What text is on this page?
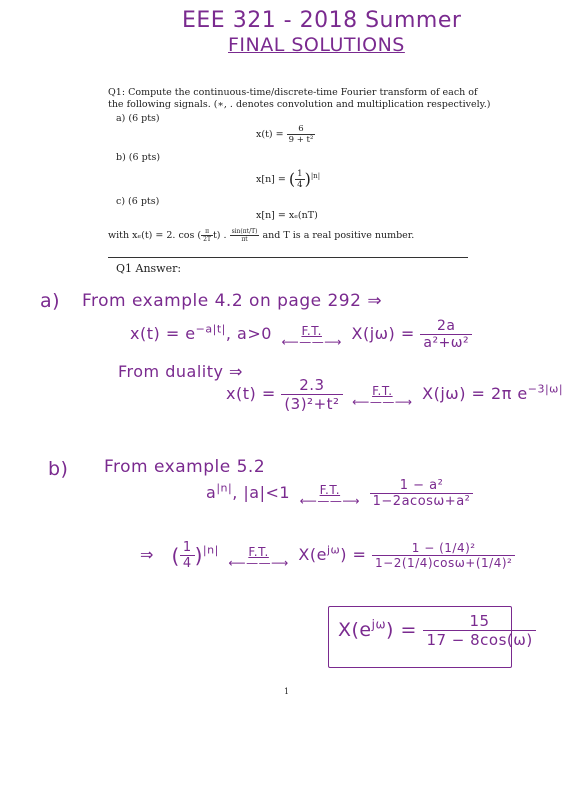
EEE 321 - 2018 Summer
FINAL SOLUTIONS
Q1: Compute the continuous-time/discrete-time Fourier transform of each of
the following signals. (∗, . denotes convolution and multiplication respectively.)
a) (6 pts)
$x(t) = \frac{6}{\text{9 + t²}}$
b) (6 pts)
x[n] = ( $\frac{1}{4} )^{|n|}$
c) (6 pts)
x[n] = xₑ(nT)
with xₑ(t) = 2. cos ( $\frac{\pi}{2T} t$) . $\frac{\sin(\pi t/T)}{\pi t}$ and T is a real positive number.
Q1 Answer:
a) From example 4.2 on page 292 ⇒
$x(t) = e^{-a|t|}$, a>0	F.T.
⟵——⟶ $X(j\omega) = \frac{2a}{\text{a²+ω²}}$
From duality ⇒
$x(t) = \frac{2.3}{\text{(3)²+t²}}$
	F.T.
⟵——⟶ X(jω) = 2π $e^{-3|\omega|}$
b) From example 5.2
$a^{|n|}$, |a|<1	F.T.
⟵——⟶
$\frac{\text{1 − a²}}{\text{1−2acosω+a²}}$
⇒ ( $\frac{1}{4} )^{|n|}$	F.T.
⟵——⟶ $X(e^{j\omega}) = \frac{\text{1 − (1/4)²}}{\text{1−2(1/4)cosω+(1/4)²}}$
$X(e^{j\omega}) = \frac{15}{17 - 8\cos(\omega)}$
1
